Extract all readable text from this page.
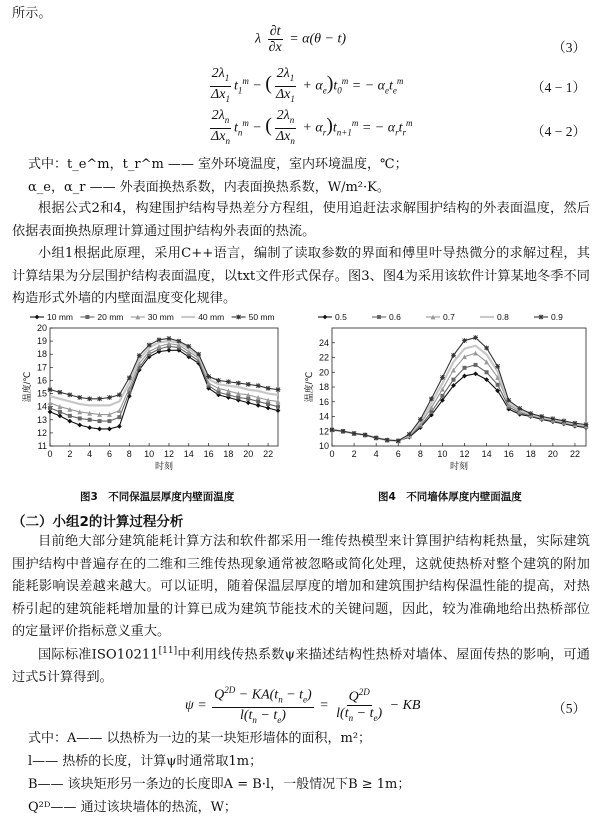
所示。
λ $\frac{\partial t}{\partial x} = \alpha(\theta - t)$
（3）
$\frac{2\lambda_1}{\Delta x_1} t_1^m$ − ( $\frac{2\lambda_1}{\Delta x_1} + \alpha_e)t_0^m$ = − $\alpha_et_e^m$	（4 − 1）
$\frac{2\lambda_n}{\Delta x_n} t_n^m$ − ( $\frac{2\lambda_n}{\Delta x_n} + \alpha_r)t_{n+1}^m$ = − $\alpha_rt_r^m$
（4 − 2）
式中：t_e^m，t_r^m —— 室外环境温度，室内环境温度，℃；
α_e，α_r —— 外表面换热系数，内表面换热系数，W/m²·K。
根据公式2和4，构建围护结构导热差分方程组，使用追赶法求解围护结构的外表面温度，然后依据表面换热原理计算通过围护结构外表面的热流。
小组1根据此原理，采用C++语言，编制了读取参数的界面和傅里叶导热微分的求解过程，其计算结果为分层围护结构表面温度，以txt文件形式保存。图3、图4为采用该软件计算某地冬季不同构造形式外墙的内壁面温度变化规律。
11
12
13
14
15
16
17
18
19
20
0 2 4 6 8 10 12 14 16 18 20 22
时刻
温度/℃
10 mm	20 mm	30 mm	40 mm	50 mm
图3　不同保温层厚度内壁面温度
10
12
14
16
18
20
22
24
0 2 4 6 8 10 12 14 16 18 20 22
时刻
温度/℃
0.5	0.6	0.7	0.8	0.9
图4　不同墙体厚度内壁面温度
（二）小组2的计算过程分析
目前绝大部分建筑能耗计算方法和软件都采用一维传热模型来计算围护结构耗热量，实际建筑围护结构中普遍存在的二维和三维传热现象通常被忽略或简化处理，这就使热桥对整个建筑的附加能耗影响误差越来越大。可以证明，随着保温层厚度的增加和建筑围护结构保温性能的提高，对热桥引起的建筑能耗增加量的计算已成为建筑节能技术的关键问题，因此，较为准确地给出热桥部位的定量评价指标意义重大。
国际标准ISO10211[11]中利用线传热系数ψ来描述结构性热桥对墙体、屋面传热的影响，可通过式5计算得到。
$\psi = \frac{Q^{2D} - KA(t_n - t_e)}{l(t_n - t_e)} = \frac{Q^{2D}}{l(t_n - t_e)}$ − KB	（5）
式中：A—— 以热桥为一边的某一块矩形墙体的面积，m²；
l—— 热桥的长度，计算ψ时通常取1m；
B—— 该块矩形另一条边的长度即A = B·l，一般情况下B ≥ 1m；
Q²ᴰ—— 通过该块墙体的热流，W；
